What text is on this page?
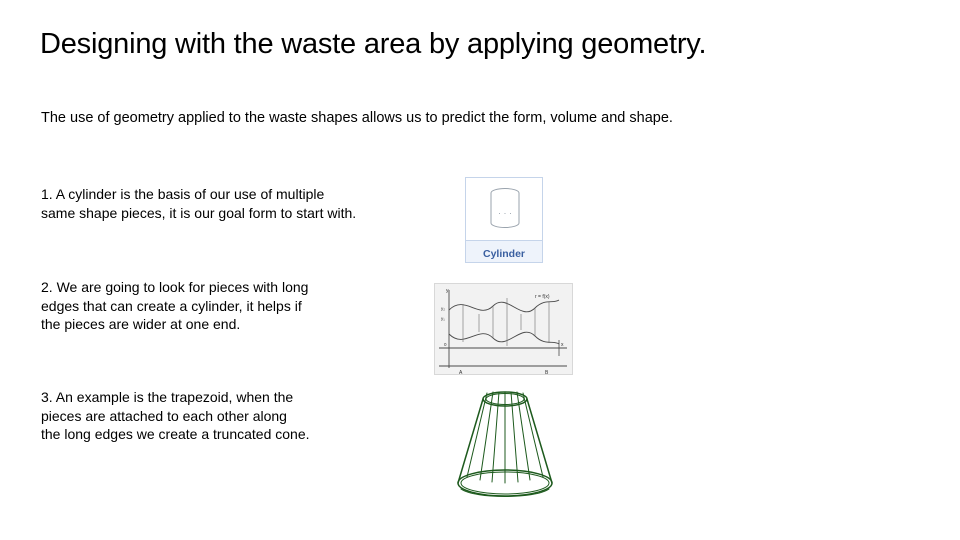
Designing with the waste area by applying geometry.
The use of geometry applied to the waste shapes allows us to predict the form, volume and shape.
1. A cylinder is the basis of our use of multiple
same shape pieces, it is our goal form to start with.
2. We are going to look for pieces with long
edges that can create a cylinder, it helps if
the pieces are wider at one end.
3. An example is the trapezoid, when the
pieces are attached to each other along
the long edges we create a truncated cone.
· · ·
Cylinder
y
y₂
y₁
0	x
r = f(x)
A	B
